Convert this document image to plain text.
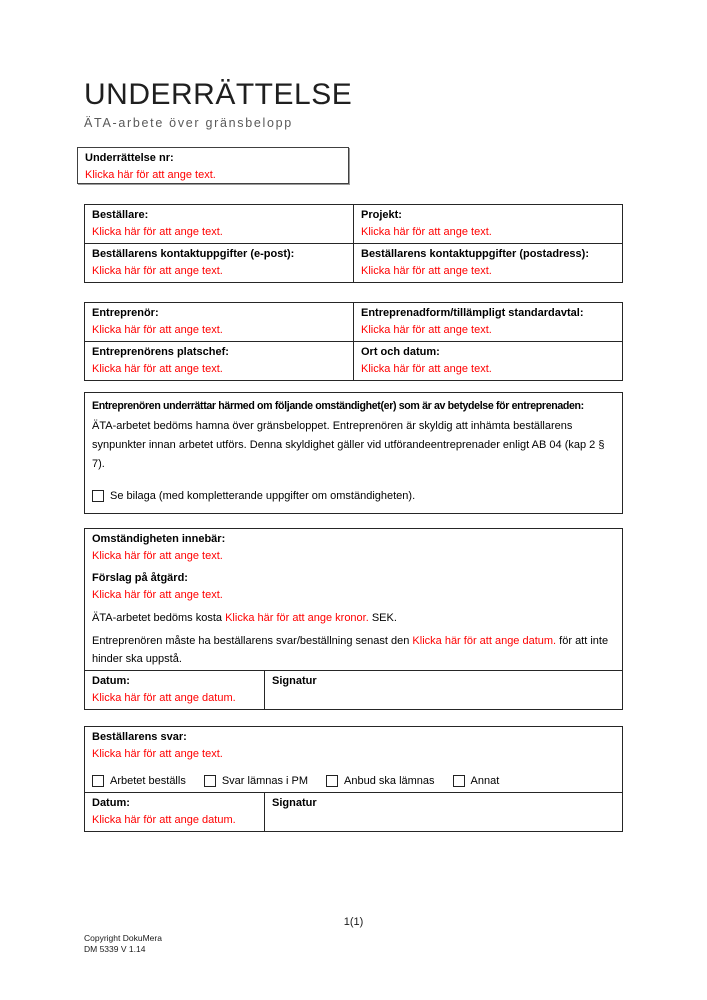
UNDERRÄTTELSE
ÄTA-arbete över gränsbelopp
Underrättelse nr:
Klicka här för att ange text.
Beställare:
Klicka här för att ange text.

Projekt:
Klicka här för att ange text.

Beställarens kontaktuppgifter (e-post):
Klicka här för att ange text.

Beställarens kontaktuppgifter (postadress):
Klicka här för att ange text.
Entreprenör:
Klicka här för att ange text.

Entreprenadform/tillämpligt standardavtal:
Klicka här för att ange text.

Entreprenörens platschef:
Klicka här för att ange text.

Ort och datum:
Klicka här för att ange text.
Entreprenören underrättar härmed om följande omständighet(er) som är av betydelse för entreprenaden:
ÄTA-arbetet bedöms hamna över gränsbeloppet. Entreprenören är skyldig att inhämta beställarens synpunkter innan arbetet utförs. Denna skyldighet gäller vid utförandeentreprenader enligt AB 04 (kap 2 § 7).
Se bilaga (med kompletterande uppgifter om omständigheten).
Omständigheten innebär:
Klicka här för att ange text.
Förslag på åtgärd:
Klicka här för att ange text.
ÄTA-arbetet bedöms kosta Klicka här för att ange kronor. SEK.
Entreprenören måste ha beställarens svar/beställning senast den Klicka här för att ange datum. för att inte hinder ska uppstå.

Datum:
Klicka här för att ange datum.

Signatur
Beställarens svar:
Klicka här för att ange text.
Arbetet beställs	Svar lämnas i PM	Anbud ska lämnas	Annat

Datum:
Klicka här för att ange datum.

Signatur
1(1)
Copyright DokuMera
DM 5339 V 1.14
